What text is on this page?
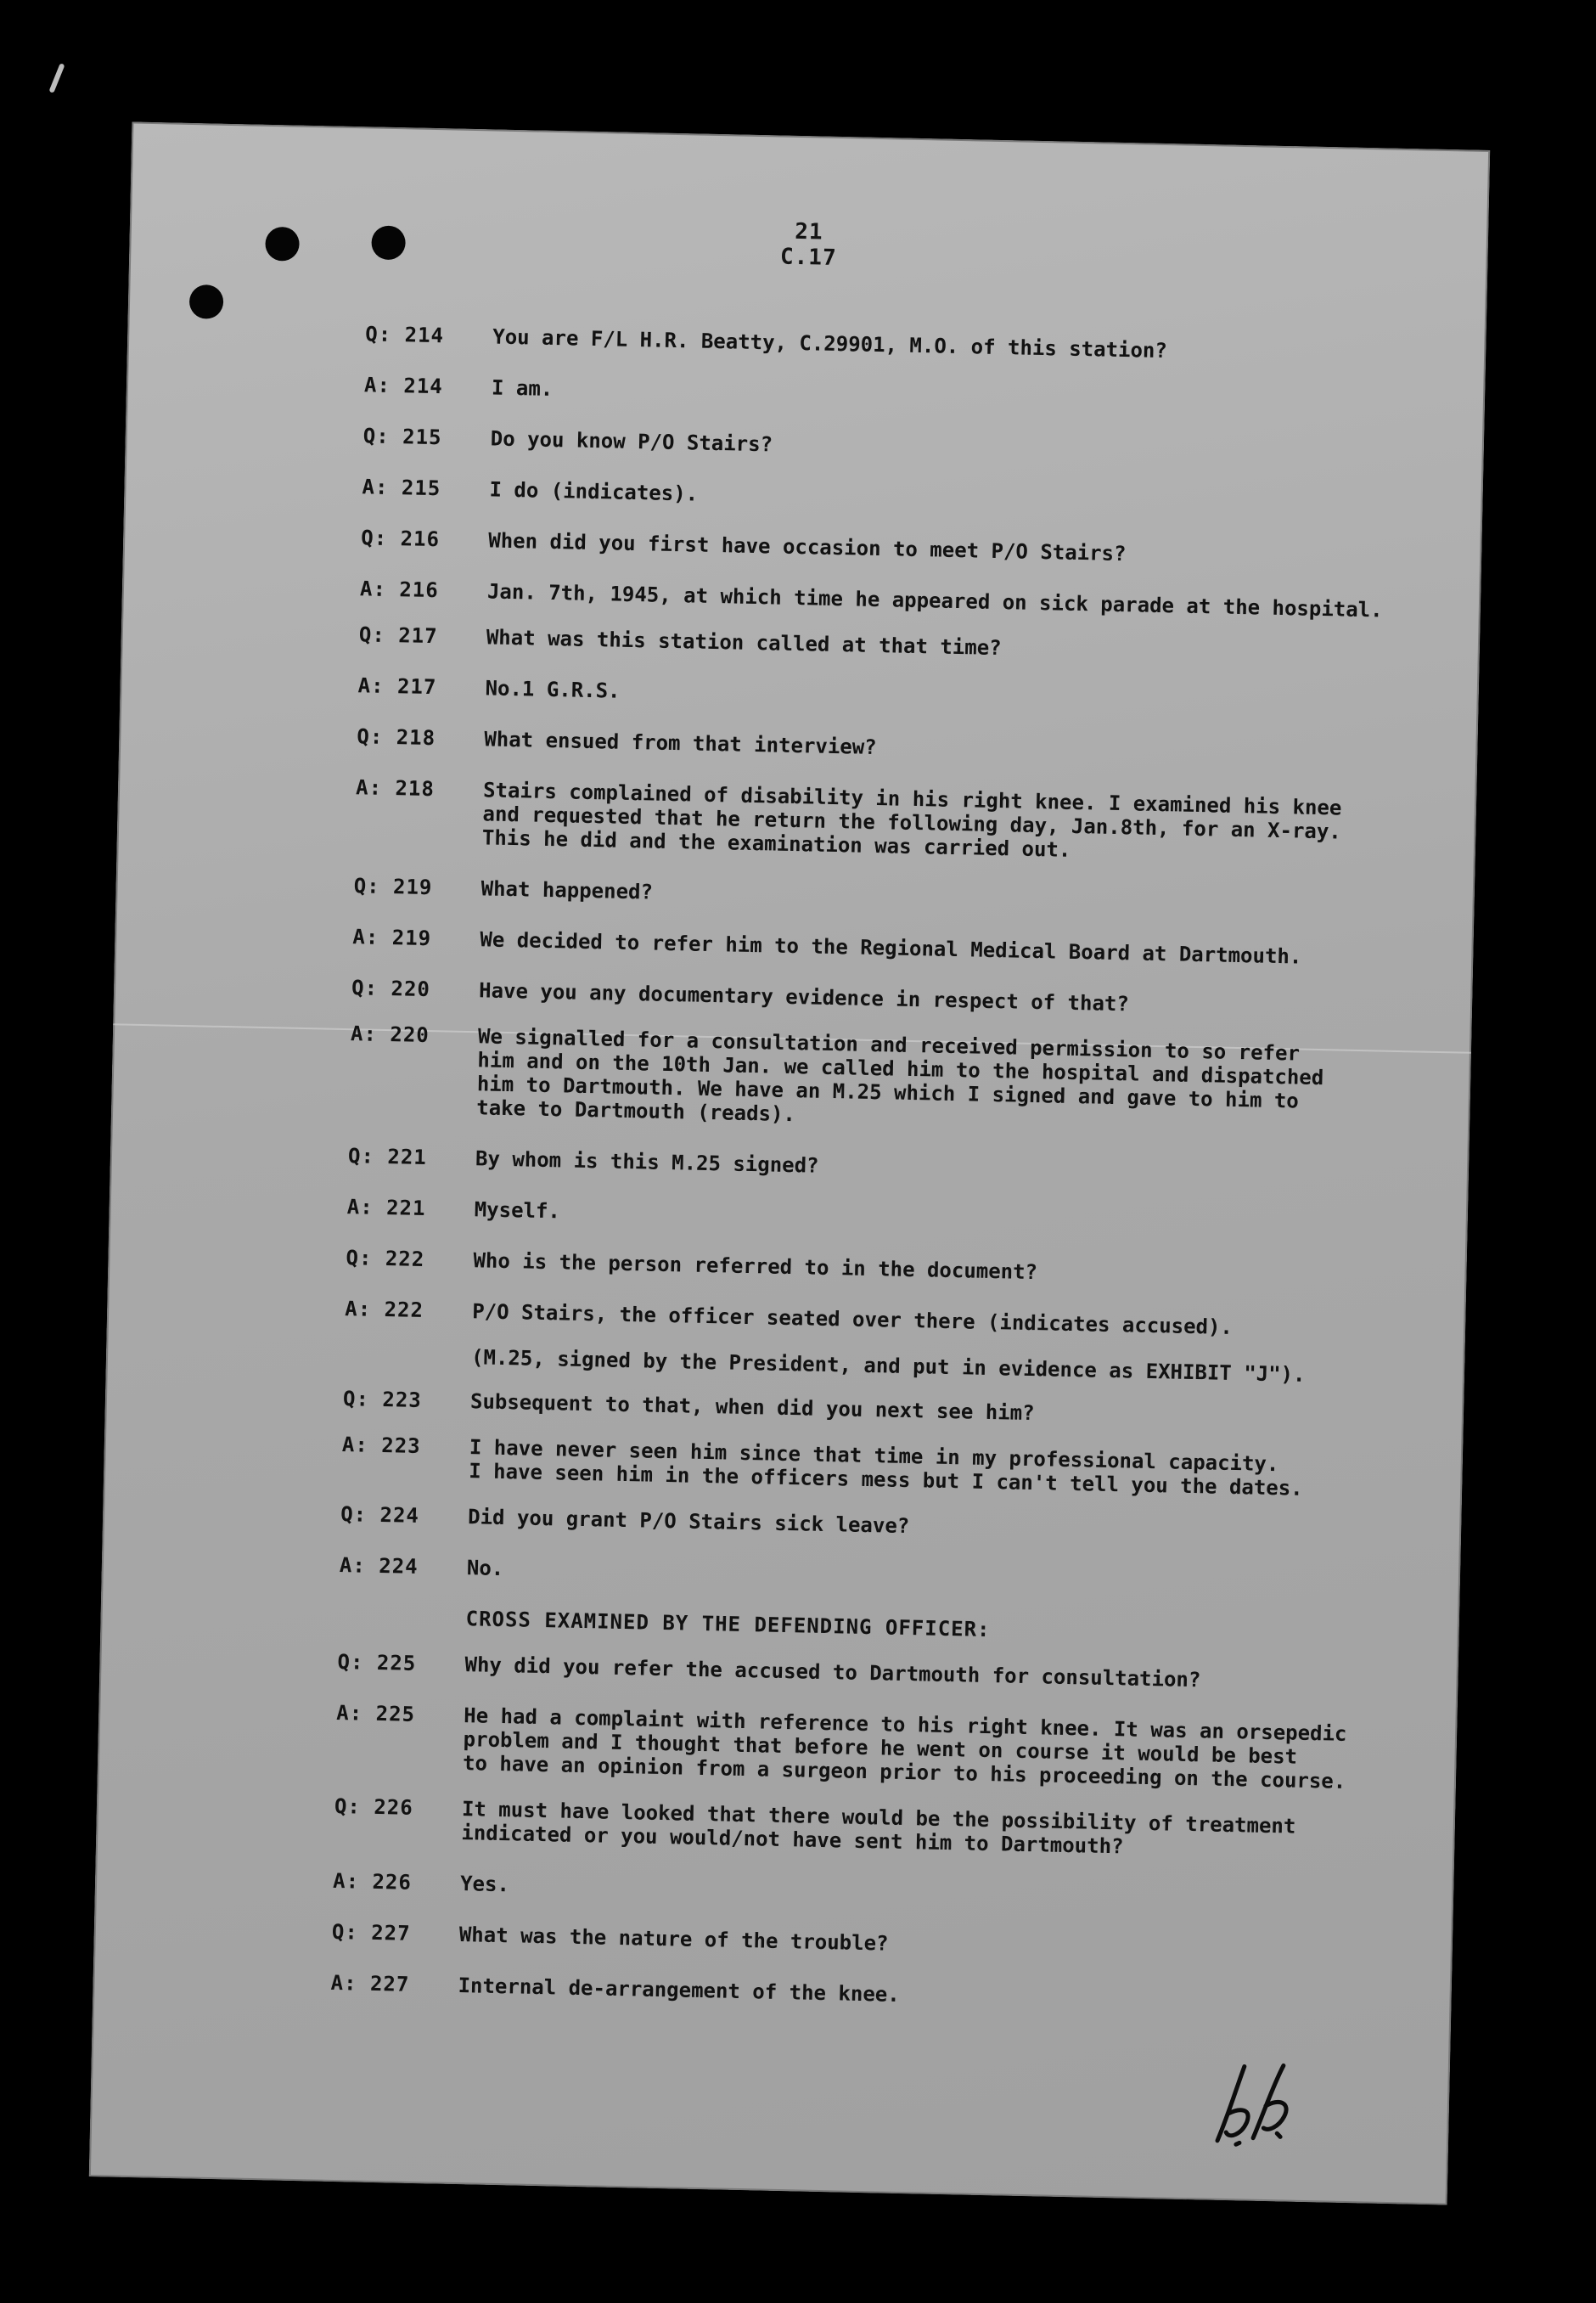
21
C.17
Q: 214	You are F/L H.R. Beatty, C.29901, M.O. of this station?
A: 214	I am.
Q: 215	Do you know P/O Stairs?
A: 215	I do (indicates).
Q: 216	When did you first have occasion to meet P/O Stairs?
A: 216	Jan. 7th, 1945, at which time he appeared on sick parade at the hospital.
Q: 217	What was this station called at that time?
A: 217	No.1 G.R.S.
Q: 218	What ensued from that interview?
A: 218	Stairs complained of disability in his right knee. I examined his knee
and requested that he return the following day, Jan.8th, for an X-ray.
This he did and the examination was carried out.
Q: 219	What happened?
A: 219	We decided to refer him to the Regional Medical Board at Dartmouth.
Q: 220	Have you any documentary evidence in respect of that?
A: 220	We signalled for a consultation and received permission to so refer
him and on the 10th Jan. we called him to the hospital and dispatched
him to Dartmouth. We have an M.25 which I signed and gave to him to
take to Dartmouth (reads).
Q: 221	By whom is this M.25 signed?
A: 221	Myself.
Q: 222	Who is the person referred to in the document?
A: 222	P/O Stairs, the officer seated over there (indicates accused).
(M.25, signed by the President, and put in evidence as EXHIBIT "J").
Q: 223	Subsequent to that, when did you next see him?
A: 223	I have never seen him since that time in my professional capacity.
I have seen him in the officers mess but I can't tell you the dates.
Q: 224	Did you grant P/O Stairs sick leave?
A: 224	No.
CROSS EXAMINED BY THE DEFENDING OFFICER:
Q: 225	Why did you refer the accused to Dartmouth for consultation?
A: 225	He had a complaint with reference to his right knee. It was an orsepedic
problem and I thought that before he went on course it would be best
to have an opinion from a surgeon prior to his proceeding on the course.
Q: 226	It must have looked that there would be the possibility of treatment
indicated or you would/not have sent him to Dartmouth?
A: 226	Yes.
Q: 227	What was the nature of the trouble?
A: 227	Internal de-arrangement of the knee.
